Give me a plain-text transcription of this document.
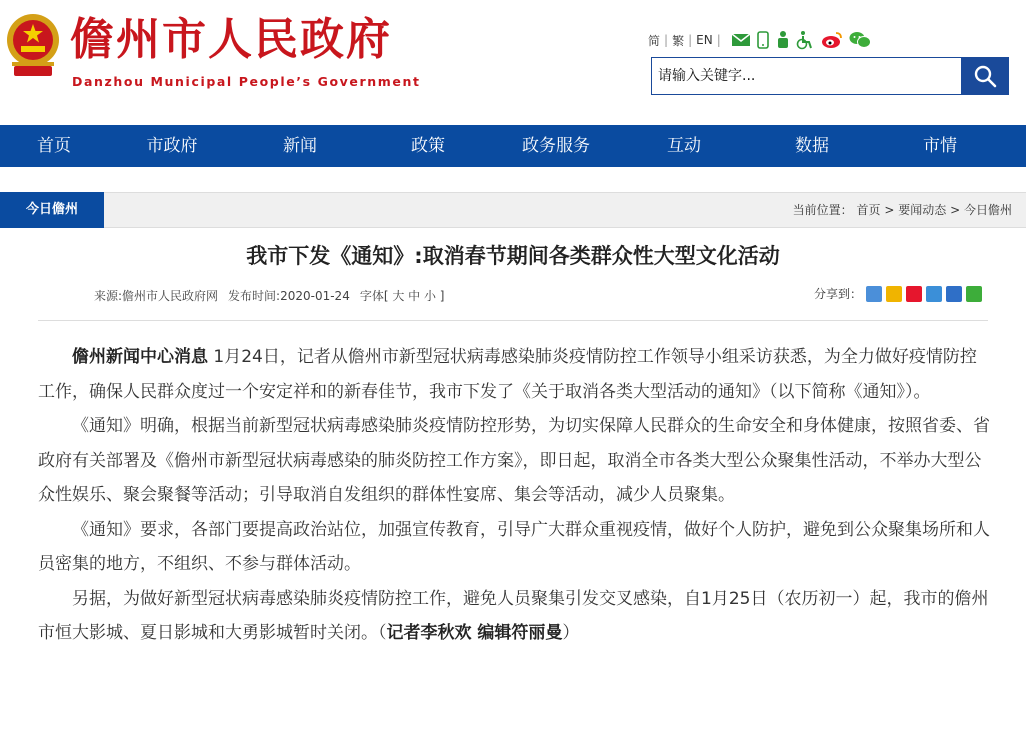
儋州市人民政府
Danzhou Municipal People’s Government
简 | 繁 | EN |
请输入关键字...
首页	市政府	新闻	政策	政务服务	互动	数据	市情
今日儋州	当前位置： 首页 > 要闻动态 > 今日儋州
我市下发《通知》:取消春节期间各类群众性大型文化活动
来源:儋州市人民政府网 发布时间:2020-01-24 字体[ 大 中 小 ]	分享到：

儋州新闻中心消息 1月24日，记者从儋州市新型冠状病毒感染肺炎疫情防控工作领导小组采访获悉，为全力做好疫情防控工作，确保人民群众度过一个安定祥和的新春佳节，我市下发了《关于取消各类大型活动的通知》（以下简称《通知》）。

《通知》明确，根据当前新型冠状病毒感染肺炎疫情防控形势，为切实保障人民群众的生命安全和身体健康，按照省委、省政府有关部署及《儋州市新型冠状病毒感染的肺炎防控工作方案》，即日起，取消全市各类大型公众聚集性活动，不举办大型公众性娱乐、聚会聚餐等活动；引导取消自发组织的群体性宴席、集会等活动，减少人员聚集。

《通知》要求，各部门要提高政治站位，加强宣传教育，引导广大群众重视疫情，做好个人防护，避免到公众聚集场所和人员密集的地方，不组织、不参与群体活动。

另据，为做好新型冠状病毒感染肺炎疫情防控工作，避免人员聚集引发交叉感染，自1月25日（农历初一）起，我市的儋州市恒大影城、夏日影城和大勇影城暂时关闭。（记者李秋欢 编辑符丽曼）
